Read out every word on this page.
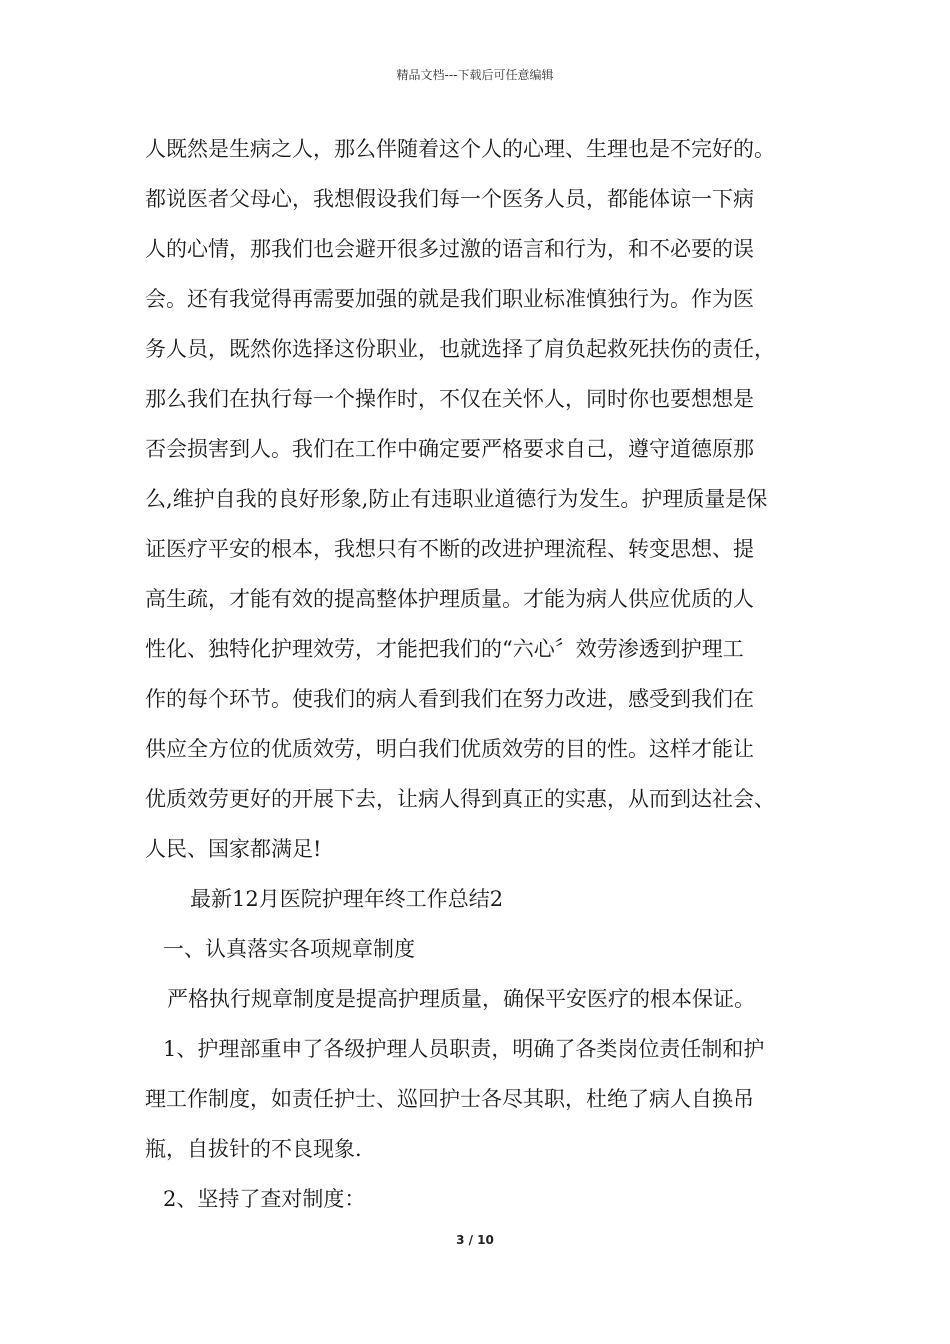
精品文档---下载后可任意编辑
人既然是生病之人，那么伴随着这个人的心理、生理也是不完好的。
都说医者父母心，我想假设我们每一个医务人员，都能体谅一下病
人的心情，那我们也会避开很多过激的语言和行为，和不必要的误
会。还有我觉得再需要加强的就是我们职业标准慎独行为。作为医
务人员，既然你选择这份职业，也就选择了肩负起救死扶伤的责任，
那么我们在执行每一个操作时，不仅在关怀人，同时你也要想想是
否会损害到人。我们在工作中确定要严格要求自己，遵守道德原那
么,维护自我的良好形象,防止有违职业道德行为发生。护理质量是保
证医疗平安的根本，我想只有不断的改进护理流程、转变思想、提
高生疏，才能有效的提高整体护理质量。才能为病人供应优质的人
性化、独特化护理效劳，才能把我们的“六心〞效劳渗透到护理工
作的每个环节。使我们的病人看到我们在努力改进，感受到我们在
供应全方位的优质效劳，明白我们优质效劳的目的性。这样才能让
优质效劳更好的开展下去，让病人得到真正的实惠，从而到达社会、
人民、国家都满足!
最新12月医院护理年终工作总结2
一、认真落实各项规章制度
严格执行规章制度是提高护理质量，确保平安医疗的根本保证。
1、护理部重申了各级护理人员职责，明确了各类岗位责任制和护
理工作制度，如责任护士、巡回护士各尽其职，杜绝了病人自换吊
瓶，自拔针的不良现象.
2、坚持了查对制度：
3 / 10
